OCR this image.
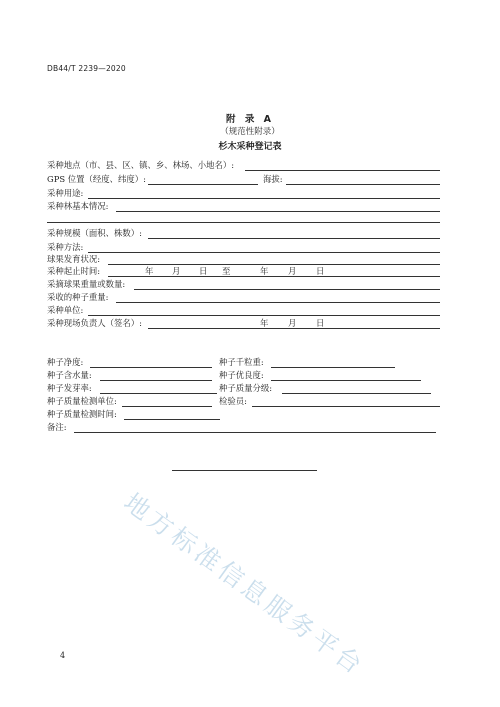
DB44/T 2239—2020
附 录 A
（规范性附录）
杉木采种登记表
采种地点（市、县、区、镇、乡、林场、小地名）:
GPS 位置（经度、纬度）:	海拔:
采种用途:
采种林基本情况:
采种规模（面积、株数）:
采种方法:
球果发育状况:
采种起止时间:	年 月 日 至	年 月 日
采摘球果重量或数量:
采收的种子重量:
采种单位:
采种现场负责人（签名）:	年 月 日
种子净度:	种子千粒重:
种子含水量:	种子优良度:
种子发芽率:	种子质量分级:
种子质量检测单位:	检验员:
种子质量检测时间:
备注:
地方标准信息服务平台
4
